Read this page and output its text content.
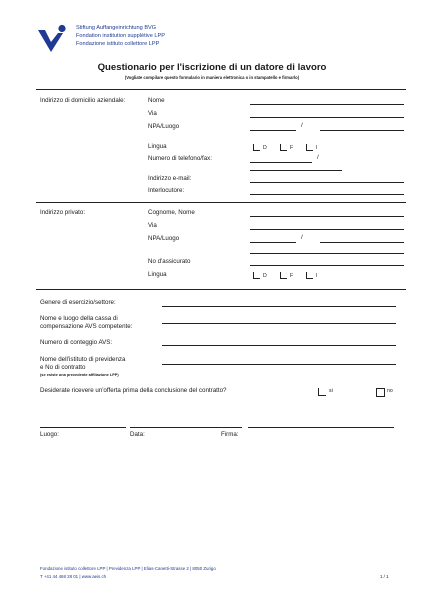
Stiftung Auffangeinrichtung BVG
Fondation institution supplétive LPP
Fondazione istituto collettore LPP
Questionario per l'iscrizione di un datore di lavoro
(Vogliate compilare questo formulario in maniera elettronica o in stampatello e firmarlo)
Indirizzo di domicilio aziendale:	Nome
Via
NPA/Luogo	/
Lingua	D	F	I
Numero di telefono/fax:	/
Indirizzo e-mail:
Interlocutore:
Indirizzo privato:	Cognome, Nome
Via
NPA/Luogo	/
No d'assicurato
Lingua	D	F	I
Genere di esercizio/settore:
Nome e luogo della cassa di
compensazione AVS competente:
Numero di conteggio AVS:
Nome dell'istituto di previdenza
e No di contratto
(se esiste una precedente affiliazione LPP)
Desiderate ricevere un'offerta prima della conclusione del contratto?	si	no
Luogo:	Data:	Firma:
Fondazione istituto collettore LPP | Previdenza LPP | Elias-Canetti-Strasse 2 | 8050 Zurigo
T +41 44 468 28 01 | www.aeis.ch	1 / 1
